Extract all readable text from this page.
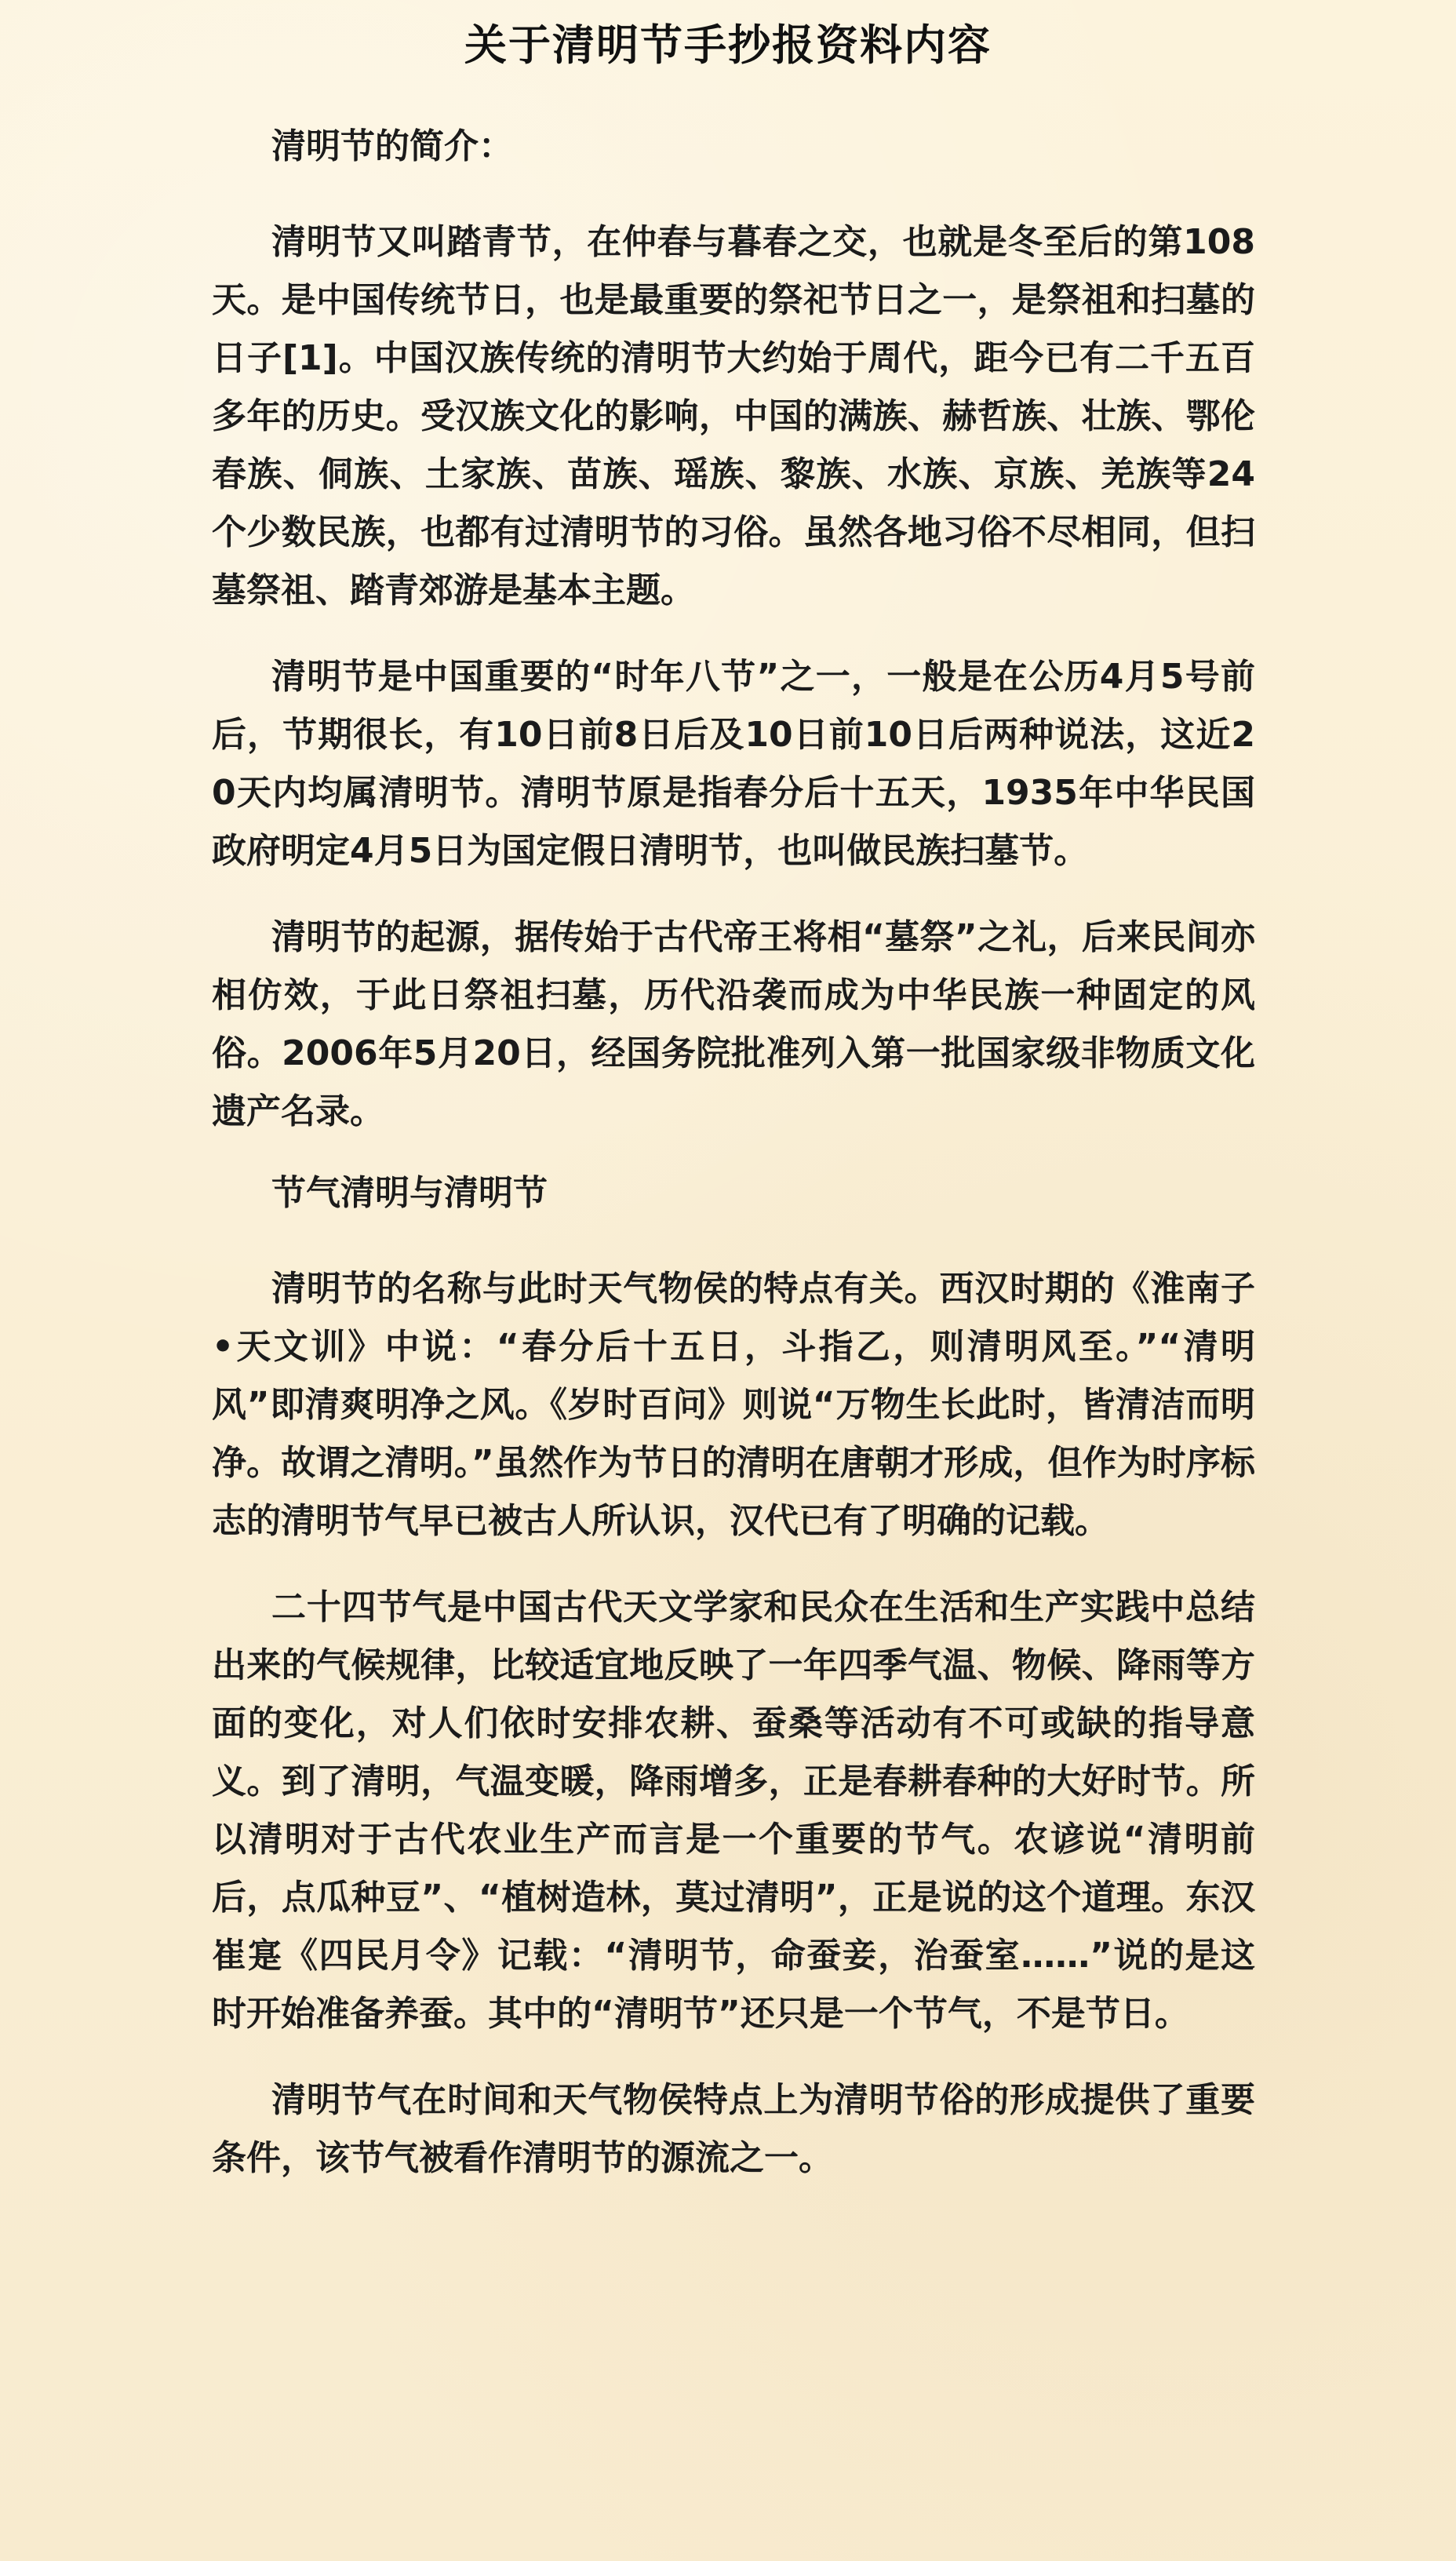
关于清明节手抄报资料内容
清明节的简介：
清明节又叫踏青节，在仲春与暮春之交，也就是冬至后的第108天。是中国传统节日，也是最重要的祭祀节日之一，是祭祖和扫墓的日子[1]。中国汉族传统的清明节大约始于周代，距今已有二千五百多年的历史。受汉族文化的影响，中国的满族、赫哲族、壮族、鄂伦春族、侗族、土家族、苗族、瑶族、黎族、水族、京族、羌族等24个少数民族，也都有过清明节的习俗。虽然各地习俗不尽相同，但扫墓祭祖、踏青郊游是基本主题。
清明节是中国重要的“时年八节”之一，一般是在公历4月5号前后，节期很长，有10日前8日后及10日前10日后两种说法，这近20天内均属清明节。清明节原是指春分后十五天，1935年中华民国政府明定4月5日为国定假日清明节，也叫做民族扫墓节。
清明节的起源，据传始于古代帝王将相“墓祭”之礼，后来民间亦相仿效，于此日祭祖扫墓，历代沿袭而成为中华民族一种固定的风俗。2006年5月20日，经国务院批准列入第一批国家级非物质文化遗产名录。
节气清明与清明节
清明节的名称与此时天气物侯的特点有关。西汉时期的《淮南子•天文训》中说：“春分后十五日，斗指乙，则清明风至。”“清明风”即清爽明净之风。《岁时百问》则说“万物生长此时，皆清洁而明净。故谓之清明。”虽然作为节日的清明在唐朝才形成，但作为时序标志的清明节气早已被古人所认识，汉代已有了明确的记载。
二十四节气是中国古代天文学家和民众在生活和生产实践中总结出来的气候规律，比较适宜地反映了一年四季气温、物候、降雨等方面的变化，对人们依时安排农耕、蚕桑等活动有不可或缺的指导意义。到了清明，气温变暖，降雨增多，正是春耕春种的大好时节。所以清明对于古代农业生产而言是一个重要的节气。农谚说“清明前后，点瓜种豆”、“植树造林，莫过清明”，正是说的这个道理。东汉崔寔《四民月令》记载：“清明节，命蚕妾，治蚕室……”说的是这时开始准备养蚕。其中的“清明节”还只是一个节气，不是节日。
清明节气在时间和天气物侯特点上为清明节俗的形成提供了重要条件，该节气被看作清明节的源流之一。
